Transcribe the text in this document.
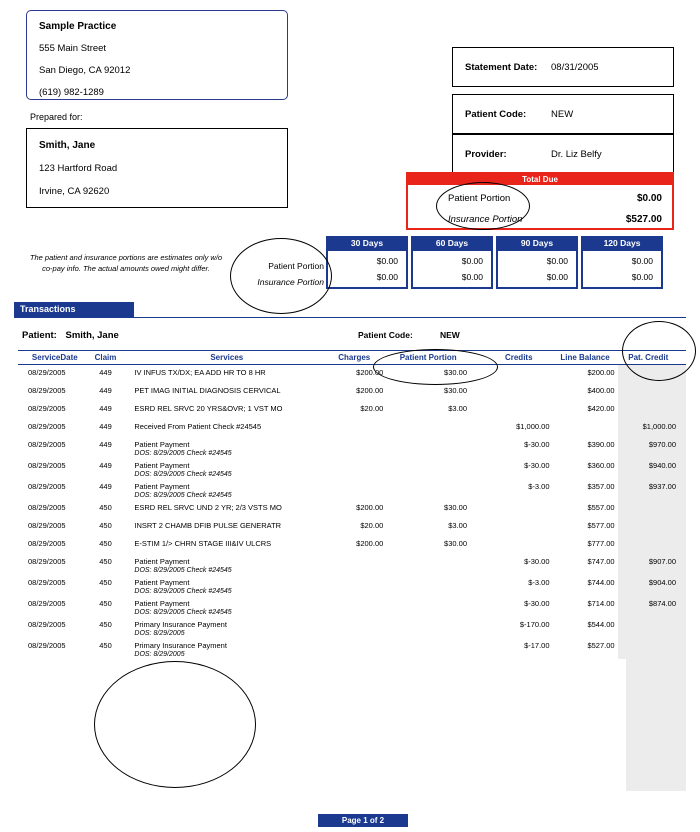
Sample Practice
555 Main Street
San Diego, CA 92012
(619) 982-1289
Prepared for:
Smith, Jane
123 Hartford Road
Irvine, CA 92620
Statement Date:	08/31/2005
Patient Code:	NEW
Provider:	Dr. Liz Belfy
Total Due
Patient Portion	$0.00
Insurance Portion	$527.00
The patient and insurance portions are estimates only w/o co-pay info. The actual amounts owed might differ.	Patient Portion
Insurance Portion
30 Days
$0.00
$0.00
60 Days
$0.00
$0.00
90 Days
$0.00
$0.00
120 Days
$0.00
$0.00
Transactions
Patient: Smith, Jane	Patient Code:	NEW
ServiceDate	Claim	Services	Charges	Patient Portion	Credits	Line Balance	Pat. Credit
08/29/2005	449	IV INFUS TX/DX; EA ADD HR TO 8 HR	$200.00	$30.00		$200.00	
08/29/2005	449	PET IMAG INITIAL DIAGNOSIS CERVICAL	$200.00	$30.00		$400.00	
08/29/2005	449	ESRD REL SRVC 20 YRS&OVR; 1 VST MO	$20.00	$3.00		$420.00	
08/29/2005	449	Received From Patient Check #24545			$1,000.00		$1,000.00
08/29/2005	449	Patient Payment
DOS: 8/29/2005 Check #24545			$-30.00	$390.00	$970.00
08/29/2005	449	Patient Payment
DOS: 8/29/2005 Check #24545			$-30.00	$360.00	$940.00
08/29/2005	449	Patient Payment
DOS: 8/29/2005 Check #24545			$-3.00	$357.00	$937.00
08/29/2005	450	ESRD REL SRVC UND 2 YR; 2/3 VSTS MO	$200.00	$30.00		$557.00	
08/29/2005	450	INSRT 2 CHAMB DFIB PULSE GENERATR	$20.00	$3.00		$577.00	
08/29/2005	450	E-STIM 1/> CHRN STAGE III&IV ULCRS	$200.00	$30.00		$777.00	
08/29/2005	450	Patient Payment
DOS: 8/29/2005 Check #24545			$-30.00	$747.00	$907.00
08/29/2005	450	Patient Payment
DOS: 8/29/2005 Check #24545			$-3.00	$744.00	$904.00
08/29/2005	450	Patient Payment
DOS: 8/29/2005 Check #24545			$-30.00	$714.00	$874.00
08/29/2005	450	Primary Insurance Payment
DOS: 8/29/2005			$-170.00	$544.00	
08/29/2005	450	Primary Insurance Payment
DOS: 8/29/2005			$-17.00	$527.00	
Page 1 of 2
